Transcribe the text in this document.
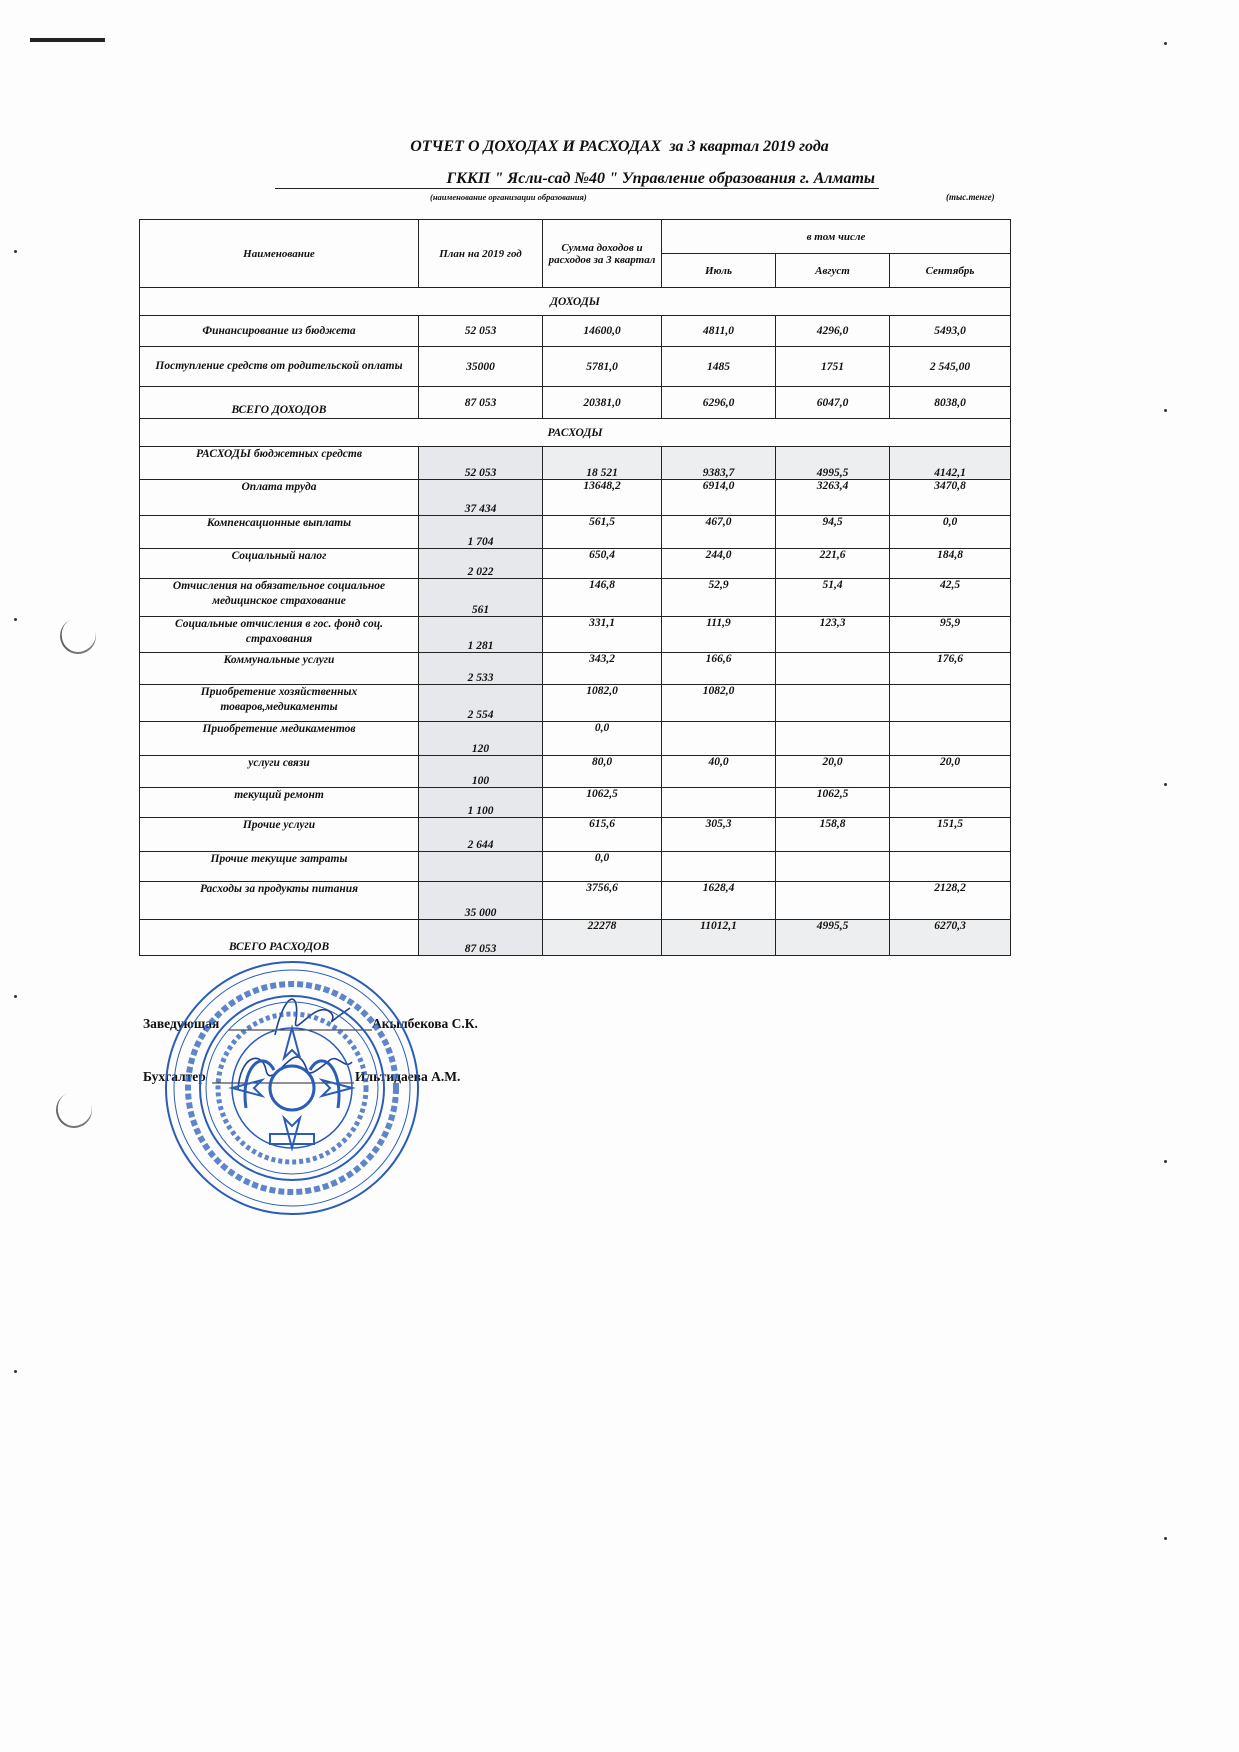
ОТЧЕТ О ДОХОДАХ И РАСХОДАХ за 3 квартал 2019 года
ГККП " Ясли-сад №40 " Управление образования г. Алматы
(наименование организации образования)	(тыс.тенге)
Наименование	План на 2019 год	Сумма доходов и расходов за 3 квартал	в том числе		
			Июль	Август	Сентябрь
ДОХОДЫ					
Финансирование из бюджета	52 053	14600,0	4811,0	4296,0	5493,0
Поступление средств от родительской оплаты	35000	5781,0	1485	1751	2 545,00
ВСЕГО ДОХОДОВ	87 053	20381,0	6296,0	6047,0	8038,0
РАСХОДЫ					
РАСХОДЫ бюджетных средств	52 053	18 521	9383,7	4995,5	4142,1
Оплата труда	37 434	13648,2	6914,0	3263,4	3470,8
Компенсационные выплаты	1 704	561,5	467,0	94,5	0,0
Социальный налог	2 022	650,4	244,0	221,6	184,8
Отчисления на обязательное социальное медицинское страхование	561	146,8	52,9	51,4	42,5
Социальные отчисления в гос. фонд соц. страхования	1 281	331,1	111,9	123,3	95,9
Коммунальные услуги	2 533	343,2	166,6		176,6
Приобретение хозяйственных товаров,медикаменты	2 554	1082,0	1082,0		
Приобретение медикаментов	120	0,0			
услуги связи	100	80,0	40,0	20,0	20,0
текущий ремонт	1 100	1062,5		1062,5	
Прочие услуги	2 644	615,6	305,3	158,8	151,5
Прочие текущие затраты		0,0			
Расходы за продукты питания	35 000	3756,6	1628,4		2128,2
ВСЕГО РАСХОДОВ	87 053	22278	11012,1	4995,5	6270,3
Заведующая	Акылбекова С.К.
Бухгалтер	Ильтидаева А.М.
